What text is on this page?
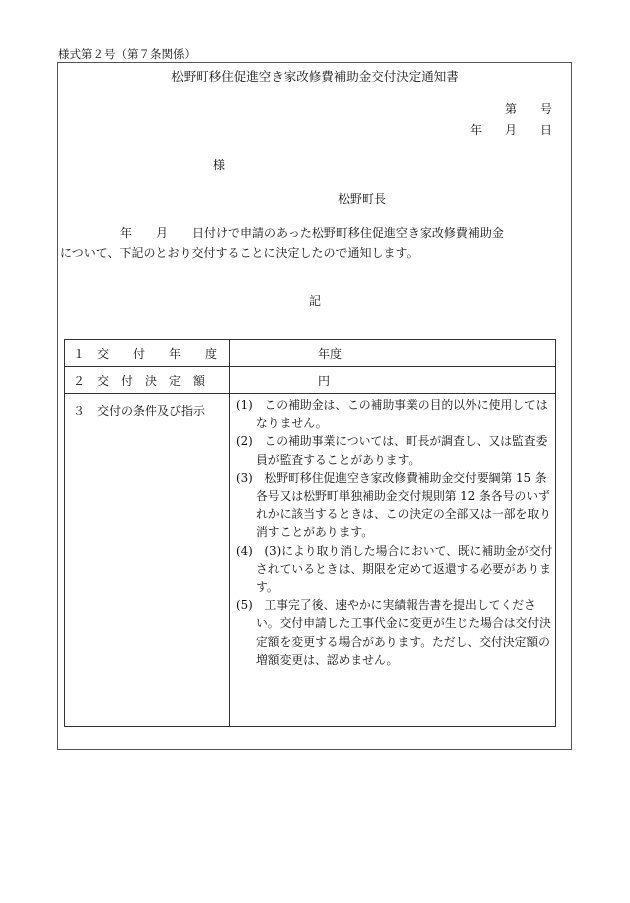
様式第２号（第７条関係）
松野町移住促進空き家改修費補助金交付決定通知書
第 号
年 月 日
様
松野町長
年　　月　　日付けで申請のあった松野町移住促進空き家改修費補助金
について、下記のとおり交付することに決定したので通知します。
記
１　交　　付　　年　　度	年度
２　交　付　決　定　額	円
３　交付の条件及び指示	(1)　この補助金は、この補助事業の目的以外に使用してはなりません。
(2)　この補助事業については、町長が調査し、又は監査委員が監査することがあります。
(3)　松野町移住促進空き家改修費補助金交付要綱第 15 条各号又は松野町単独補助金交付規則第 12 条各号のいずれかに該当するときは、この決定の全部又は一部を取り消すことがあります。
(4)　(3)により取り消した場合において、既に補助金が交付されているときは、期限を定めて返還する必要があります。
(5)　工事完了後、速やかに実績報告書を提出してください。交付申請した工事代金に変更が生じた場合は交付決定額を変更する場合があります。ただし、交付決定額の増額変更は、認めません。
